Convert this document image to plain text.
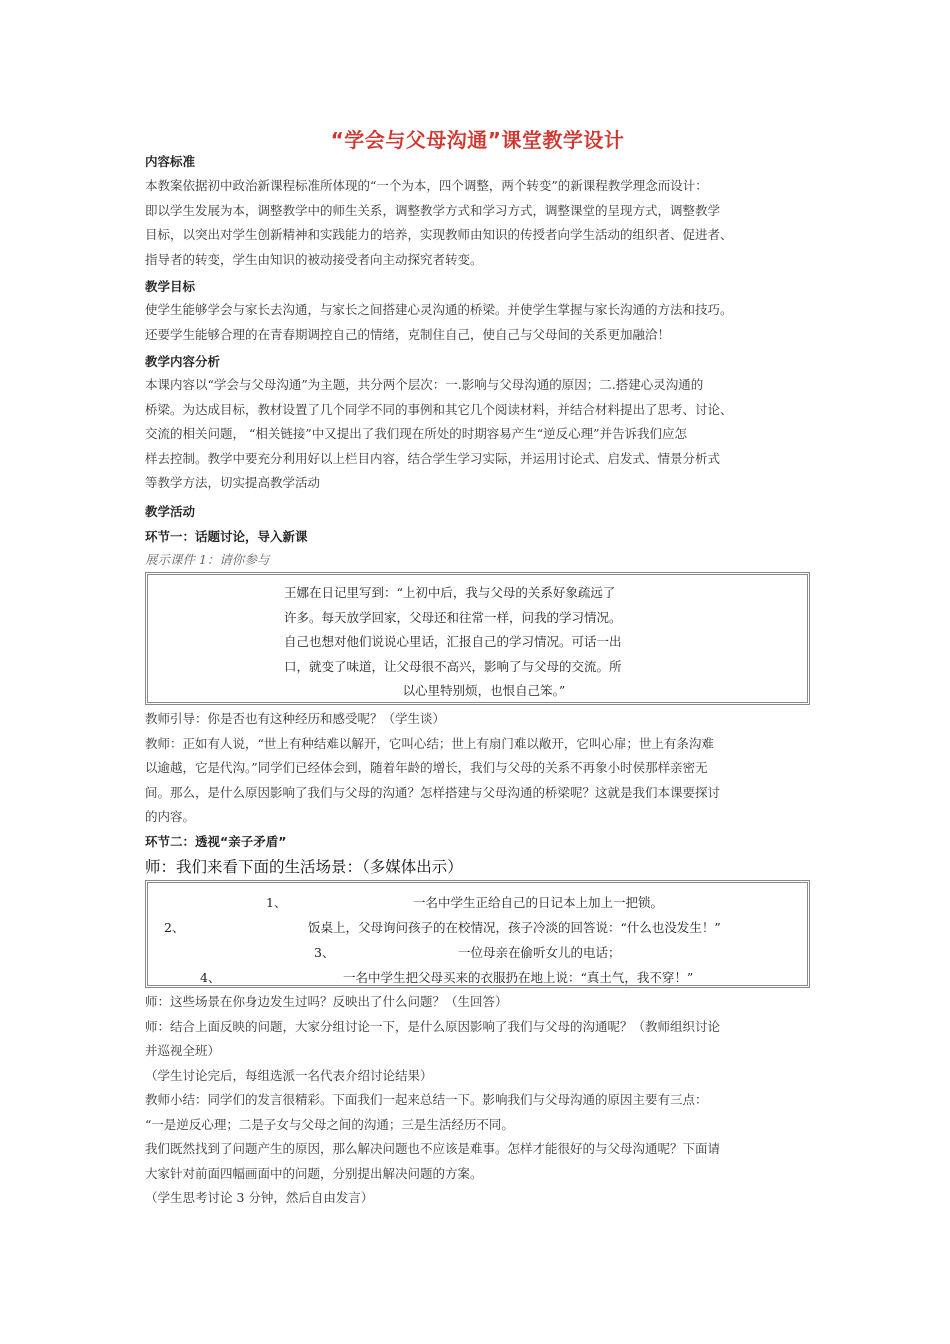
“学会与父母沟通”课堂教学设计
内容标准
本教案依据初中政治新课程标准所体现的“一个为本，四个调整，两个转变”的新课程教学理念而设计：
即以学生发展为本，调整教学中的师生关系，调整教学方式和学习方式，调整课堂的呈现方式，调整教学
目标，以突出对学生创新精神和实践能力的培养，实现教师由知识的传授者向学生活动的组织者、促进者、
指导者的转变，学生由知识的被动接受者向主动探究者转变。
教学目标
使学生能够学会与家长去沟通，与家长之间搭建心灵沟通的桥梁。并使学生掌握与家长沟通的方法和技巧。
还要学生能够合理的在青春期调控自己的情绪，克制住自己，使自己与父母间的关系更加融洽！
教学内容分析
本课内容以“学会与父母沟通”为主题，共分两个层次：一.影响与父母沟通的原因；二.搭建心灵沟通的
桥梁。为达成目标，教材设置了几个同学不同的事例和其它几个阅读材料，并结合材料提出了思考、讨论、
交流的相关问题， “相关链接”中又提出了我们现在所处的时期容易产生“逆反心理”并告诉我们应怎
样去控制。教学中要充分利用好以上栏目内容，结合学生学习实际，并运用讨论式、启发式、情景分析式
等教学方法，切实提高教学活动
教学活动
环节一：话题讨论，导入新课
展示课件 1：请你参与
王娜在日记里写到：“上初中后，我与父母的关系好象疏远了
许多。每天放学回家，父母还和往常一样，问我的学习情况。
自己也想对他们说说心里话，汇报自己的学习情况。可话一出
口，就变了味道，让父母很不高兴，影响了与父母的交流。所
以心里特别烦，也恨自己笨。”
教师引导：你是否也有这种经历和感受呢？（学生谈）
教师：正如有人说，“世上有种结难以解开，它叫心结；世上有扇门难以敞开，它叫心扉；世上有条沟难
以逾越，它是代沟。”同学们已经体会到，随着年龄的增长，我们与父母的关系不再象小时侯那样亲密无
间。那么，是什么原因影响了我们与父母的沟通？怎样搭建与父母沟通的桥梁呢？这就是我们本课要探讨
的内容。
环节二：透视“亲子矛盾”
师：我们来看下面的生活场景：（多媒体出示）
1、	一名中学生正给自己的日记本上加上一把锁。
2、	饭桌上，父母询问孩子的在校情况，孩子冷淡的回答说：“什么也没发生！”
3、	一位母亲在偷听女儿的电话；
4、	一名中学生把父母买来的衣服扔在地上说：“真土气，我不穿！”
师：这些场景在你身边发生过吗？反映出了什么问题？（生回答）
师：结合上面反映的问题，大家分组讨论一下，是什么原因影响了我们与父母的沟通呢？（教师组织讨论
并巡视全班）
（学生讨论完后，每组选派一名代表介绍讨论结果）
教师小结：同学们的发言很精彩。下面我们一起来总结一下。影响我们与父母沟通的原因主要有三点：
“一是逆反心理；二是子女与父母之间的沟通；三是生活经历不同。
我们既然找到了问题产生的原因，那么解决问题也不应该是难事。怎样才能很好的与父母沟通呢？下面请
大家针对前面四幅画面中的问题，分别提出解决问题的方案。
（学生思考讨论 3 分钟，然后自由发言）
